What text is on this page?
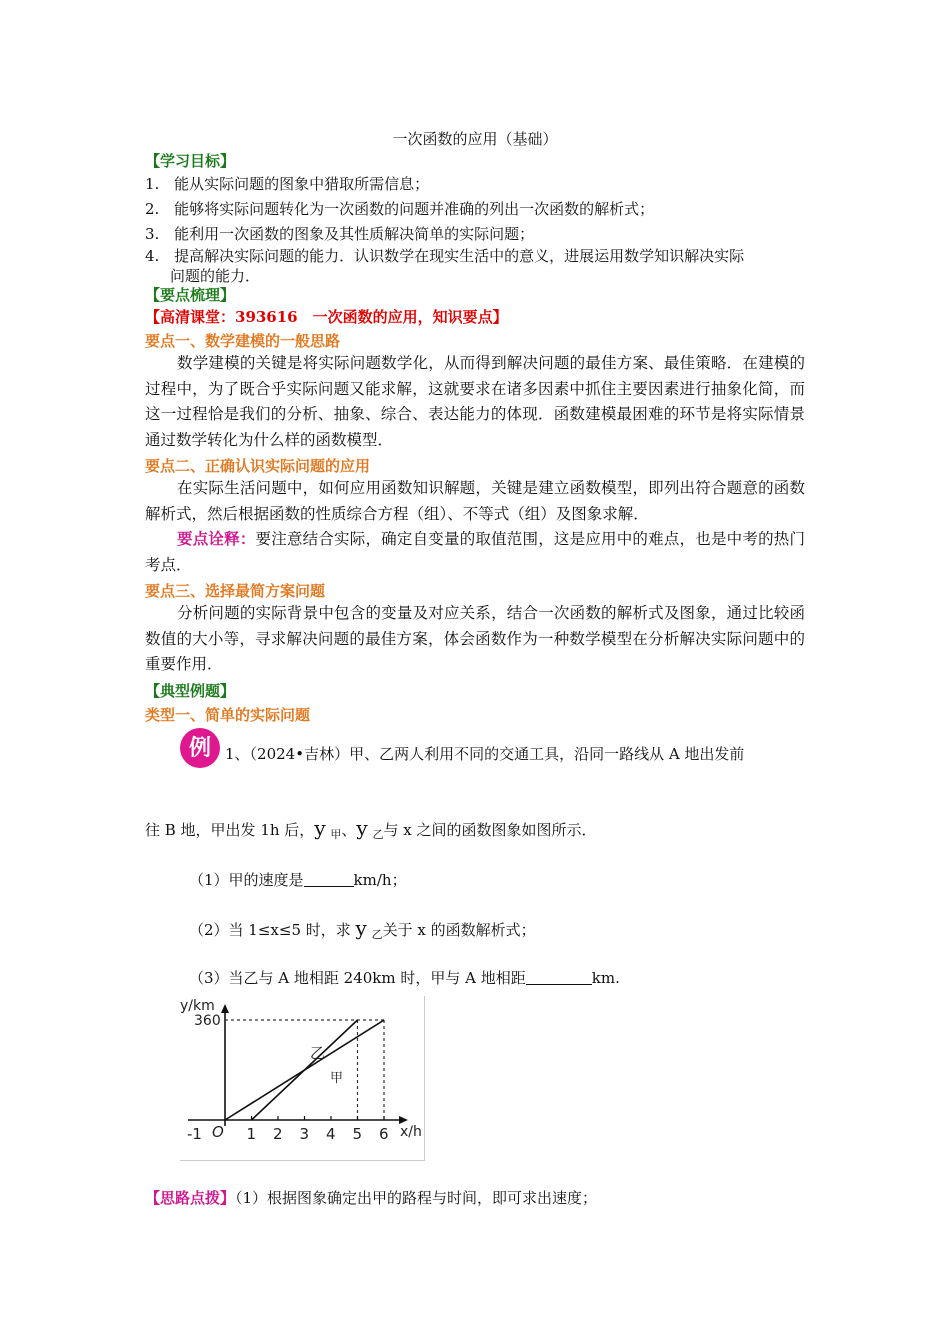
一次函数的应用（基础）
【学习目标】
1. 能从实际问题的图象中猎取所需信息；
2. 能够将实际问题转化为一次函数的问题并准确的列出一次函数的解析式；
3. 能利用一次函数的图象及其性质解决简单的实际问题；
4. 提高解决实际问题的能力．认识数学在现实生活中的意义，进展运用数学知识解决实际
问题的能力．
【要点梳理】
【高清课堂：393616　一次函数的应用，知识要点】
要点一、数学建模的一般思路
数学建模的关键是将实际问题数学化，从而得到解决问题的最佳方案、最佳策略．在建模的过程中，为了既合乎实际问题又能求解，这就要求在诸多因素中抓住主要因素进行抽象化简，而这一过程恰是我们的分析、抽象、综合、表达能力的体现．函数建模最困难的环节是将实际情景通过数学转化为什么样的函数模型．
要点二、正确认识实际问题的应用
在实际生活问题中，如何应用函数知识解题，关键是建立函数模型，即列出符合题意的函数解析式，然后根据函数的性质综合方程（组）、不等式（组）及图象求解．
要点诠释：要注意结合实际，确定自变量的取值范围，这是应用中的难点，也是中考的热门考点．
要点三、选择最简方案问题
分析问题的实际背景中包含的变量及对应关系，结合一次函数的解析式及图象，通过比较函数值的大小等，寻求解决问题的最佳方案，体会函数作为一种数学模型在分析解决实际问题中的重要作用．
【典型例题】
类型一、简单的实际问题
例 1、（2024•吉林）甲、乙两人利用不同的交通工具，沿同一路线从 A 地出发前
往 B 地，甲出发 1h 后，y $_甲$、y $_乙$与 x 之间的函数图象如图所示．
（1）甲的速度是	km/h；
（2）当 1≤x≤5 时，求 y $_乙$关于 x 的函数解析式；
（3）当乙与 A 地相距 240km 时，甲与 A 地相距	km.
y/km
x/h
360
-1	1 2 3 4 5 6
O
乙
甲
【思路点拨】（1）根据图象确定出甲的路程与时间，即可求出速度；
